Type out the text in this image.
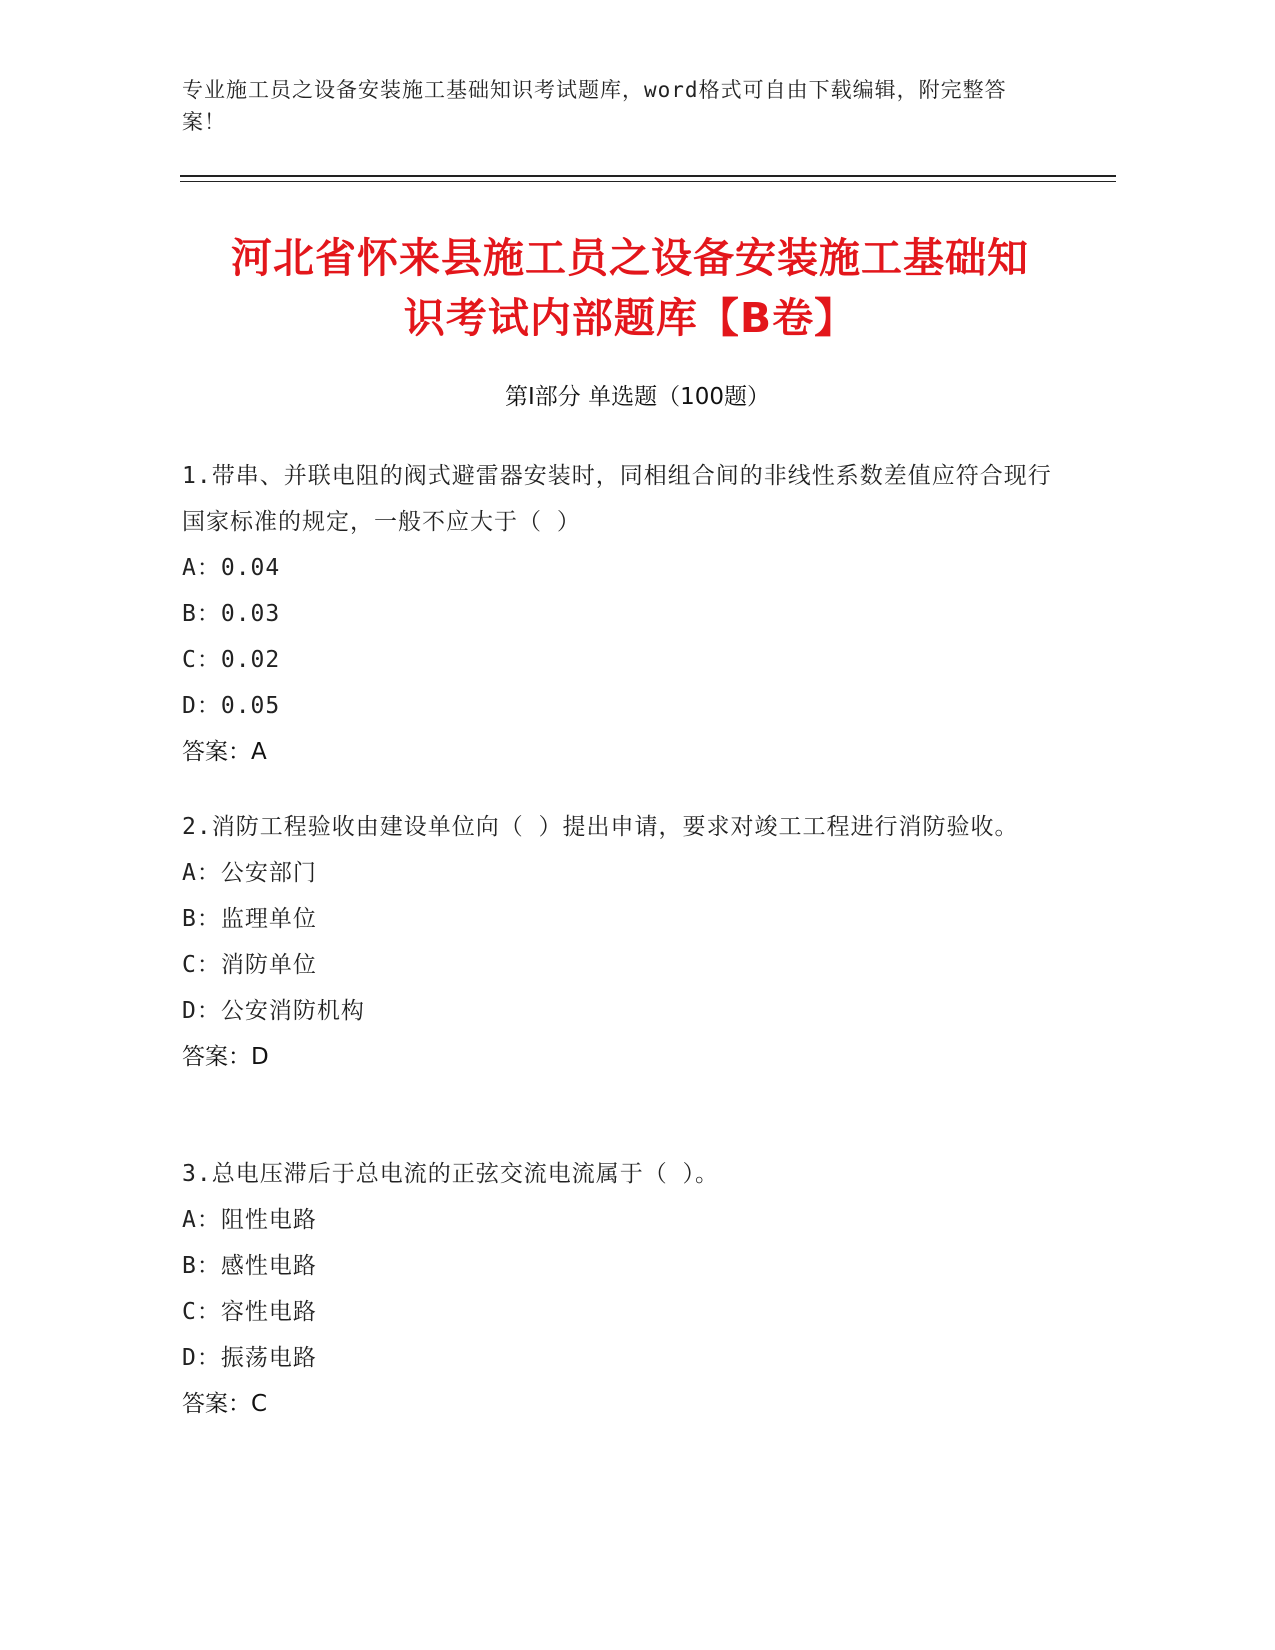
专业施工员之设备安装施工基础知识考试题库，word格式可自由下载编辑，附完整答案！
河北省怀来县施工员之设备安装施工基础知
识考试内部题库【B卷】
第I部分 单选题（100题）
1.带串、并联电阻的阀式避雷器安装时，同相组合间的非线性系数差值应符合现行国家标准的规定，一般不应大于（ ）
A：0.04
B：0.03
C：0.02
D：0.05
答案：A
2.消防工程验收由建设单位向（ ）提出申请，要求对竣工工程进行消防验收。
A：公安部门
B：监理单位
C：消防单位
D：公安消防机构
答案：D
3.总电压滞后于总电流的正弦交流电流属于（ ）。
A：阻性电路
B：感性电路
C：容性电路
D：振荡电路
答案：C
